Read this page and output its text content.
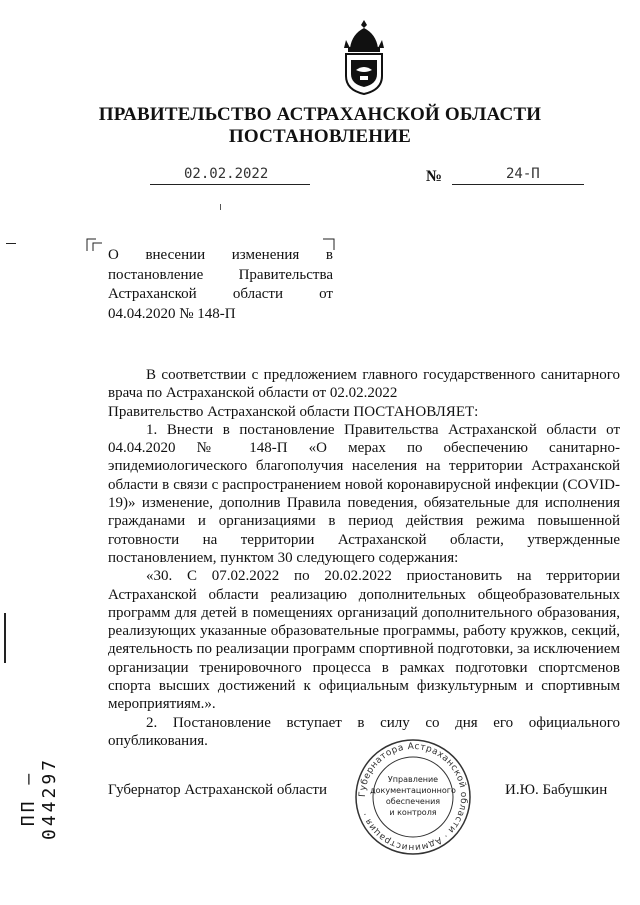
ПРАВИТЕЛЬСТВО АСТРАХАНСКОЙ ОБЛАСТИ
ПОСТАНОВЛЕНИЕ
02.02.2022	№	24-П
О внесении изменения в постановление Правительства Астраханской области от 04.04.2020 № 148-П

В соответствии с предложением главного государственного санитарного врача по Астраханской области от 02.02.2022

Правительство Астраханской области ПОСТАНОВЛЯЕТ:

1. Внести в постановление Правительства Астраханской области от 04.04.2020 № 148-П «О мерах по обеспечению санитарно-эпидемиологического благополучия населения на территории Астраханской области в связи с распространением новой коронавирусной инфекции (COVID-19)» изменение, дополнив Правила поведения, обязательные для исполнения гражданами и организациями в период действия режима повышенной готовности на территории Астраханской области, утвержденные постановлением, пунктом 30 следующего содержания:

«30. С 07.02.2022 по 20.02.2022 приостановить на территории Астраханской области реализацию дополнительных общеобразовательных программ для детей в помещениях организаций дополнительного образования, реализующих указанные образовательные программы, работу кружков, секций, деятельность по реализации программ спортивной подготовки, за исключением организации тренировочного процесса в рамках подготовки спортсменов спорта высших достижений к официальным физкультурным и спортивным мероприятиям.».

2. Постановление вступает в силу со дня его официального опубликования.

Губернатор Астраханской области	И.Ю. Бабушкин
Губернатора Астраханской области · Администрация ·
Управление
документационного
обеспечения
и контроля
ПП – 044297
